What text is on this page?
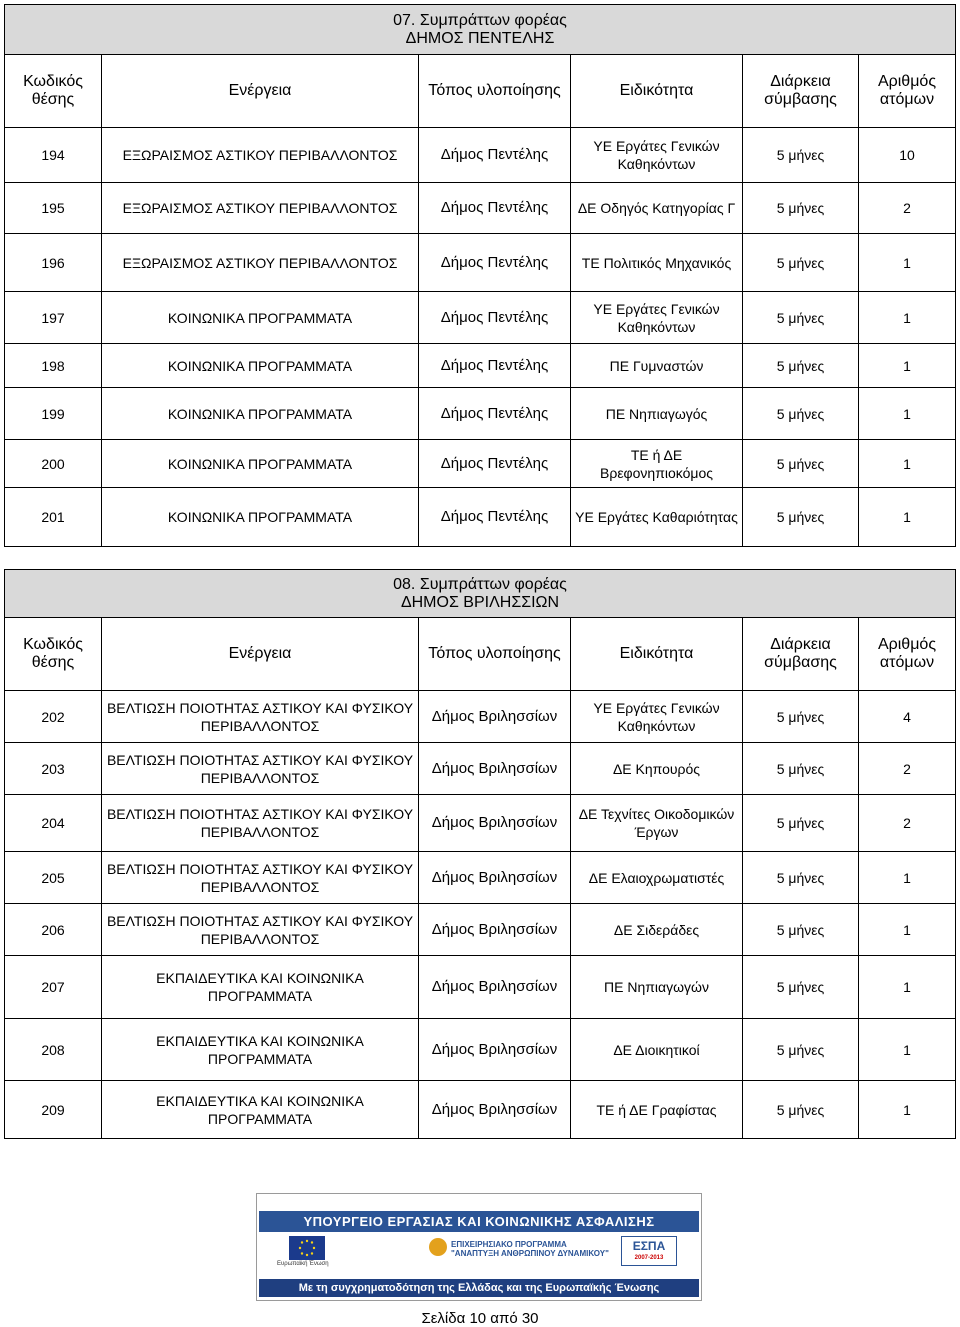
07. Συμπράττων φορέας
ΔΗΜΟΣ ΠΕΝΤΕΛΗΣ					
Κωδικός θέσης	Ενέργεια	Τόπος υλοποίησης	Ειδικότητα	Διάρκεια σύμβασης	Αριθμός ατόμων
194	ΕΞΩΡΑΙΣΜΟΣ ΑΣΤΙΚΟΥ ΠΕΡΙΒΑΛΛΟΝΤΟΣ	Δήμος Πεντέλης	ΥΕ Εργάτες Γενικών Καθηκόντων	5 μήνες	10
195	ΕΞΩΡΑΙΣΜΟΣ ΑΣΤΙΚΟΥ ΠΕΡΙΒΑΛΛΟΝΤΟΣ	Δήμος Πεντέλης	ΔΕ Οδηγός Κατηγορίας Γ	5 μήνες	2
196	ΕΞΩΡΑΙΣΜΟΣ ΑΣΤΙΚΟΥ ΠΕΡΙΒΑΛΛΟΝΤΟΣ	Δήμος Πεντέλης	ΤΕ Πολιτικός Μηχανικός	5 μήνες	1
197	ΚΟΙΝΩΝΙΚΑ ΠΡΟΓΡΑΜΜΑΤΑ	Δήμος Πεντέλης	ΥΕ Εργάτες Γενικών Καθηκόντων	5 μήνες	1
198	ΚΟΙΝΩΝΙΚΑ ΠΡΟΓΡΑΜΜΑΤΑ	Δήμος Πεντέλης	ΠΕ Γυμναστών	5 μήνες	1
199	ΚΟΙΝΩΝΙΚΑ ΠΡΟΓΡΑΜΜΑΤΑ	Δήμος Πεντέλης	ΠΕ Νηπιαγωγός	5 μήνες	1
200	ΚΟΙΝΩΝΙΚΑ ΠΡΟΓΡΑΜΜΑΤΑ	Δήμος Πεντέλης	ΤΕ ή ΔΕ Βρεφονηπιοκόμος	5 μήνες	1
201	ΚΟΙΝΩΝΙΚΑ ΠΡΟΓΡΑΜΜΑΤΑ	Δήμος Πεντέλης	ΥΕ Εργάτες Καθαριότητας	5 μήνες	1
08. Συμπράττων φορέας
ΔΗΜΟΣ ΒΡΙΛΗΣΣΙΩΝ					
Κωδικός θέσης	Ενέργεια	Τόπος υλοποίησης	Ειδικότητα	Διάρκεια σύμβασης	Αριθμός ατόμων
202	ΒΕΛΤΙΩΣΗ ΠΟΙΟΤΗΤΑΣ ΑΣΤΙΚΟΥ ΚΑΙ ΦΥΣΙΚΟΥ ΠΕΡΙΒΑΛΛΟΝΤΟΣ	Δήμος Βριλησσίων	ΥΕ Εργάτες Γενικών Καθηκόντων	5 μήνες	4
203	ΒΕΛΤΙΩΣΗ ΠΟΙΟΤΗΤΑΣ ΑΣΤΙΚΟΥ ΚΑΙ ΦΥΣΙΚΟΥ ΠΕΡΙΒΑΛΛΟΝΤΟΣ	Δήμος Βριλησσίων	ΔΕ Κηπουρός	5 μήνες	2
204	ΒΕΛΤΙΩΣΗ ΠΟΙΟΤΗΤΑΣ ΑΣΤΙΚΟΥ ΚΑΙ ΦΥΣΙΚΟΥ ΠΕΡΙΒΑΛΛΟΝΤΟΣ	Δήμος Βριλησσίων	ΔΕ Τεχνίτες Οικοδομικών Έργων	5 μήνες	2
205	ΒΕΛΤΙΩΣΗ ΠΟΙΟΤΗΤΑΣ ΑΣΤΙΚΟΥ ΚΑΙ ΦΥΣΙΚΟΥ ΠΕΡΙΒΑΛΛΟΝΤΟΣ	Δήμος Βριλησσίων	ΔΕ Ελαιοχρωματιστές	5 μήνες	1
206	ΒΕΛΤΙΩΣΗ ΠΟΙΟΤΗΤΑΣ ΑΣΤΙΚΟΥ ΚΑΙ ΦΥΣΙΚΟΥ ΠΕΡΙΒΑΛΛΟΝΤΟΣ	Δήμος Βριλησσίων	ΔΕ Σιδεράδες	5 μήνες	1
207	ΕΚΠΑΙΔΕΥΤΙΚΑ ΚΑΙ ΚΟΙΝΩΝΙΚΑ ΠΡΟΓΡΑΜΜΑΤΑ	Δήμος Βριλησσίων	ΠΕ Νηπιαγωγών	5 μήνες	1
208	ΕΚΠΑΙΔΕΥΤΙΚΑ ΚΑΙ ΚΟΙΝΩΝΙΚΑ ΠΡΟΓΡΑΜΜΑΤΑ	Δήμος Βριλησσίων	ΔΕ Διοικητικοί	5 μήνες	1
209	ΕΚΠΑΙΔΕΥΤΙΚΑ ΚΑΙ ΚΟΙΝΩΝΙΚΑ ΠΡΟΓΡΑΜΜΑΤΑ	Δήμος Βριλησσίων	ΤΕ ή ΔΕ Γραφίστας	5 μήνες	1
ΥΠΟΥΡΓΕΙΟ ΕΡΓΑΣΙΑΣ ΚΑΙ ΚΟΙΝΩΝΙΚΗΣ ΑΣΦΑΛΙΣΗΣ
Ευρωπαϊκή Ένωση
ΕΠΙΧΕΙΡΗΣΙΑΚΟ ΠΡΟΓΡΑΜΜΑ
"ΑΝΑΠΤΥΞΗ ΑΝΘΡΩΠΙΝΟΥ ΔΥΝΑΜΙΚΟΥ"
ΕΣΠΑ
2007-2013
Με τη συγχρηματοδότηση της Ελλάδας και της Ευρωπαϊκής Ένωσης
Σελίδα 10 από 30
